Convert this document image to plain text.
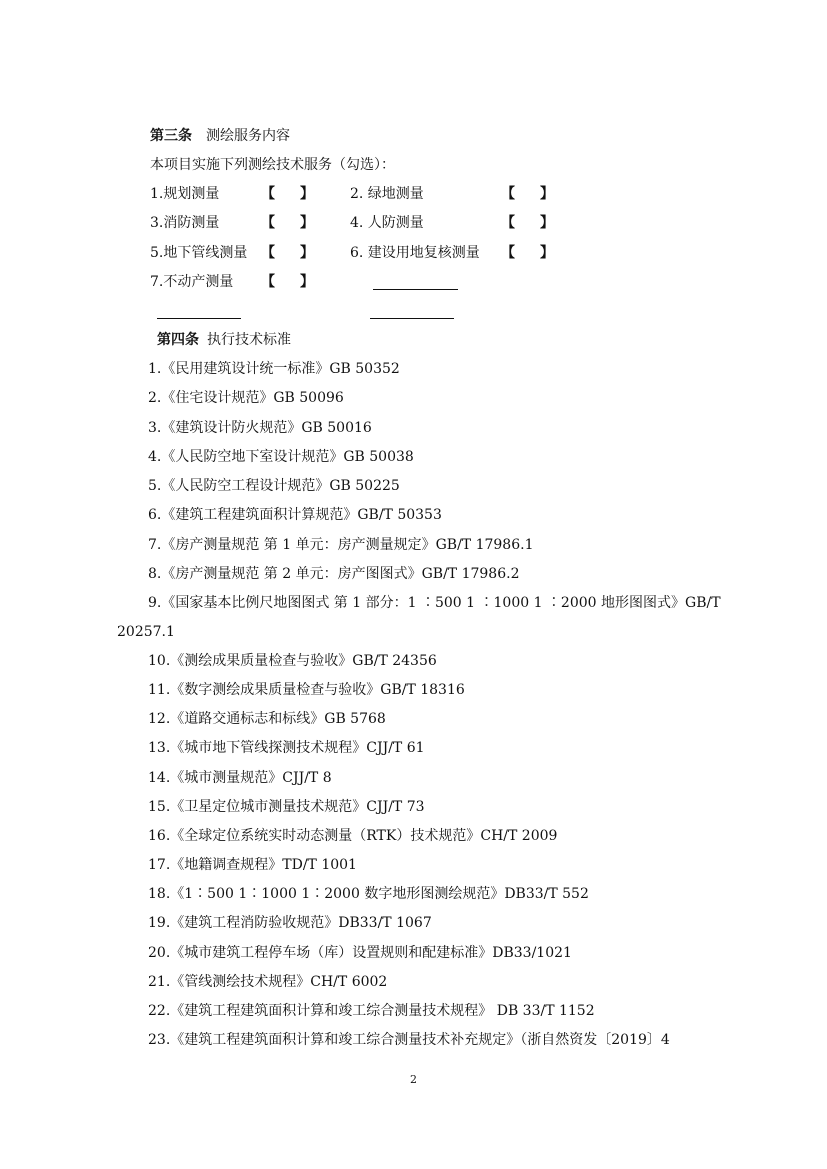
第三条 测绘服务内容
本项目实施下列测绘技术服务（勾选）：
1.规划测量	【 】	2. 绿地测量	【 】
3.消防测量	【 】	4. 人防测量	【 】
5.地下管线测量 【 】	6. 建设用地复核测量 【 】
7.不动产测量 【 】
第四条 执行技术标准
1.《民用建筑设计统一标准》GB 50352
2.《住宅设计规范》GB 50096
3.《建筑设计防火规范》GB 50016
4.《人民防空地下室设计规范》GB 50038
5.《人民防空工程设计规范》GB 50225
6.《建筑工程建筑面积计算规范》GB/T 50353
7.《房产测量规范 第 1 单元：房产测量规定》GB/T 17986.1
8.《房产测量规范 第 2 单元：房产图图式》GB/T 17986.2
9.《国家基本比例尺地图图式 第 1 部分：1 ∶500 1 ∶1000 1 ∶2000 地形图图式》GB/T
20257.1
10.《测绘成果质量检查与验收》GB/T 24356
11.《数字测绘成果质量检查与验收》GB/T 18316
12.《道路交通标志和标线》GB 5768
13.《城市地下管线探测技术规程》CJJ/T 61
14.《城市测量规范》CJJ/T 8
15.《卫星定位城市测量技术规范》CJJ/T 73
16.《全球定位系统实时动态测量（RTK）技术规范》CH/T 2009
17.《地籍调查规程》TD/T 1001
18.《1∶500 1∶1000 1∶2000 数字地形图测绘规范》DB33/T 552
19.《建筑工程消防验收规范》DB33/T 1067
20.《城市建筑工程停车场（库）设置规则和配建标准》DB33/1021
21.《管线测绘技术规程》CH/T 6002
22.《建筑工程建筑面积计算和竣工综合测量技术规程》 DB 33/T 1152
23.《建筑工程建筑面积计算和竣工综合测量技术补充规定》（浙自然资发〔2019〕4
2
